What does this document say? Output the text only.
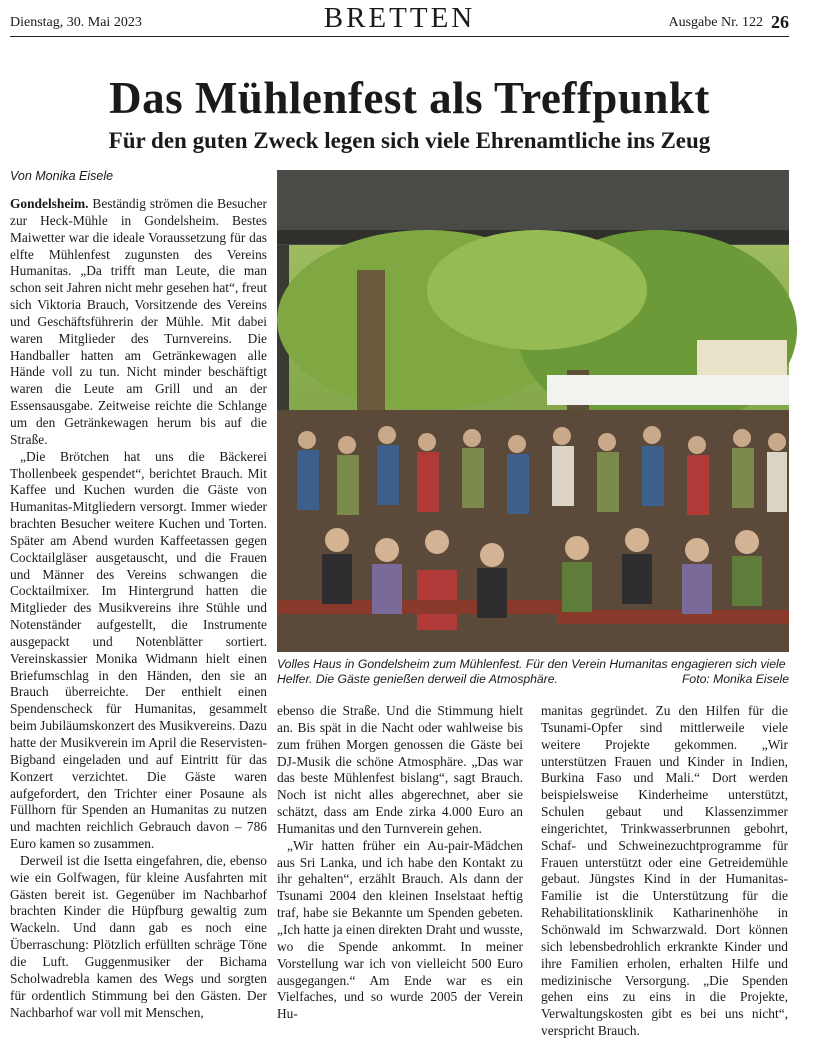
Dienstag, 30. Mai 2023	BRETTEN	Ausgabe Nr. 122 26
Das Mühlenfest als Treffpunkt
Für den guten Zweck legen sich viele Ehrenamtliche ins Zeug
Von Monika Eisele

Gondelsheim. Beständig strömen die Besucher zur Heck-Mühle in Gondelsheim. Bestes Maiwetter war die ideale Voraussetzung für das elfte Mühlenfest zugunsten des Vereins Humanitas. „Da trifft man Leute, die man schon seit Jahren nicht mehr gesehen hat“, freut sich Viktoria Brauch, Vorsitzende des Vereins und Geschäftsführerin der Mühle. Mit dabei waren Mitglieder des Turnvereins. Die Handballer hatten am Getränkewagen alle Hände voll zu tun. Nicht minder beschäftigt waren die Leute am Grill und an der Essensausgabe. Zeitweise reichte die Schlange um den Getränkewagen herum bis auf die Straße.

„Die Brötchen hat uns die Bäckerei Thollenbeek gespendet“, berichtet Brauch. Mit Kaffee und Kuchen wurden die Gäste von Humanitas-Mitgliedern versorgt. Immer wieder brachten Besucher weitere Kuchen und Torten. Später am Abend wurden Kaffeetassen gegen Cocktailgläser ausgetauscht, und die Frauen und Männer des Vereins schwangen die Cocktailmixer. Im Hintergrund hatten die Mitglieder des Musikvereins ihre Stühle und Notenständer aufgestellt, die Instrumente ausgepackt und Notenblätter sortiert. Vereinskassier Monika Widmann hielt einen Briefumschlag in den Händen, den sie an Brauch überreichte. Der enthielt einen Spendenscheck für Humanitas, gesammelt beim Jubiläumskonzert des Musikvereins. Dazu hatte der Musikverein im April die Reservisten-Bigband eingeladen und auf Eintritt für das Konzert verzichtet. Die Gäste waren aufgefordert, den Trichter einer Posaune als Füllhorn für Spenden an Humanitas zu nutzen und machten reichlich Gebrauch davon – 786 Euro kamen so zusammen.

Derweil ist die Isetta eingefahren, die, ebenso wie ein Golfwagen, für kleine Ausfahrten mit Gästen bereit ist. Gegenüber im Nachbarhof brachten Kinder die Hüpfburg gewaltig zum Wackeln. Und dann gab es noch eine Überraschung: Plötzlich erfüllten schräge Töne die Luft. Guggenmusiker der Bichama Scholwadrebla kamen des Wegs und sorgten für ordentlich Stimmung bei den Gästen. Der Nachbarhof war voll mit Menschen,

Volles Haus in Gondelsheim zum Mühlenfest. Für den Verein Humanitas engagieren sich viele Helfer. Die Gäste genießen derweil die Atmosphäre.	Foto: Monika Eisele

ebenso die Straße. Und die Stimmung hielt an. Bis spät in die Nacht oder wahlweise bis zum frühen Morgen genossen die Gäste bei DJ-Musik die schöne Atmosphäre. „Das war das beste Mühlenfest bislang“, sagt Brauch. Noch ist nicht alles abgerechnet, aber sie schätzt, dass am Ende zirka 4.000 Euro an Humanitas und den Turnverein gehen.

„Wir hatten früher ein Au-pair-Mädchen aus Sri Lanka, und ich habe den Kontakt zu ihr gehalten“, erzählt Brauch. Als dann der Tsunami 2004 den kleinen Inselstaat heftig traf, habe sie Bekannte um Spenden gebeten. „Ich hatte ja einen direkten Draht und wusste, wo die Spende ankommt. In meiner Vorstellung war ich von vielleicht 500 Euro ausgegangen.“ Am Ende war es ein Vielfaches, und so wurde 2005 der Verein Hu-

manitas gegründet. Zu den Hilfen für die Tsunami-Opfer sind mittlerweile viele weitere Projekte gekommen. „Wir unterstützen Frauen und Kinder in Indien, Burkina Faso und Mali.“ Dort werden beispielsweise Kinderheime unterstützt, Schulen gebaut und Klassenzimmer eingerichtet, Trinkwasserbrunnen gebohrt, Schaf- und Schweinezuchtprogramme für Frauen unterstützt oder eine Getreidemühle gebaut. Jüngstes Kind in der Humanitas-Familie ist die Unterstützung für die Rehabilitationsklinik Katharinenhöhe in Schönwald im Schwarzwald. Dort können sich lebensbedrohlich erkrankte Kinder und ihre Familien erholen, erhalten Hilfe und medizinische Versorgung. „Die Spenden gehen eins zu eins in die Projekte, Verwaltungskosten gibt es bei uns nicht“, verspricht Brauch.
